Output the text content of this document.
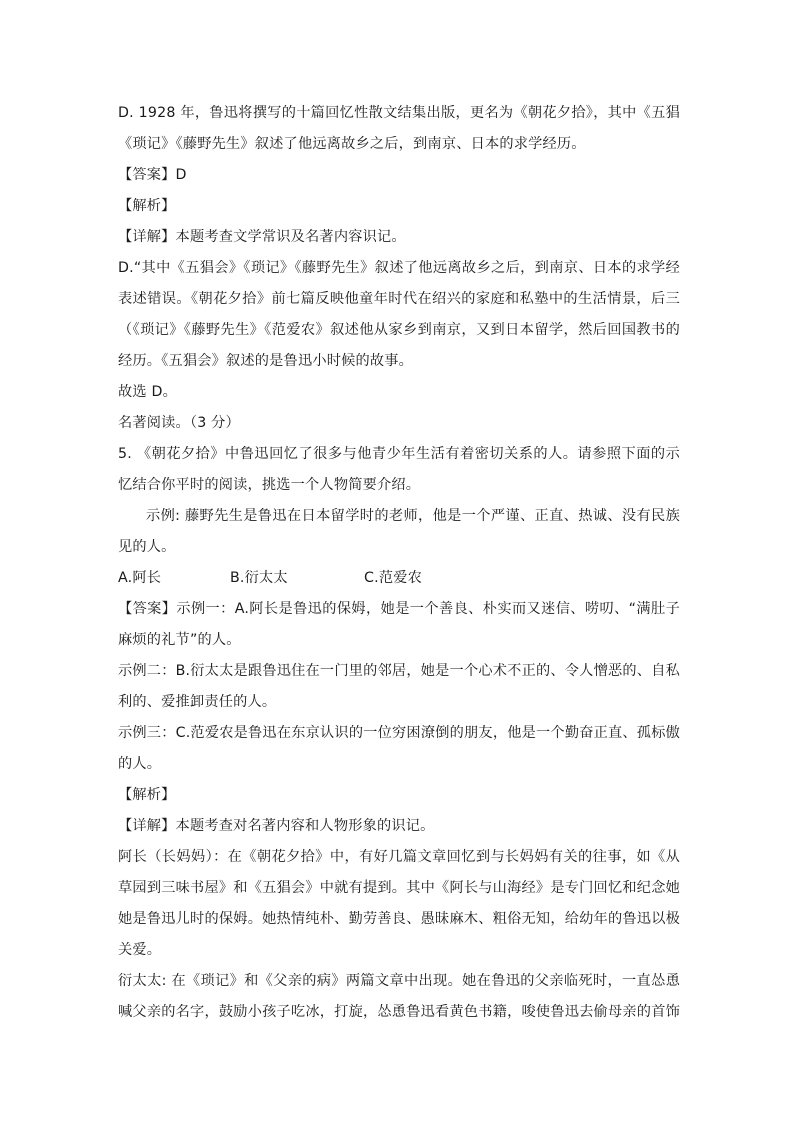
D. 1928 年，鲁迅将撰写的十篇回忆性散文结集出版，更名为《朝花夕拾》，其中《五猖
《琐记》《藤野先生》叙述了他远离故乡之后，到南京、日本的求学经历。
【答案】D
【解析】
【详解】本题考查文学常识及名著内容识记。
D.“其中《五猖会》《琐记》《藤野先生》叙述了他远离故乡之后，到南京、日本的求学经
表述错误。《朝花夕拾》前七篇反映他童年时代在绍兴的家庭和私塾中的生活情景，后三
（《琐记》《藤野先生》《范爱农》叙述他从家乡到南京，又到日本留学，然后回国教书的
经历。《五猖会》叙述的是鲁迅小时候的故事。
故选 D。
名著阅读。（3 分）
5. 《朝花夕拾》中鲁迅回忆了很多与他青少年生活有着密切关系的人。请参照下面的示
忆结合你平时的阅读，挑选一个人物简要介绍。
示例: 藤野先生是鲁迅在日本留学时的老师，他是一个严谨、正直、热诚、没有民族
见的人。
A.阿长	B.衍太太	C.范爱农
【答案】示例一：A.阿长是鲁迅的保姆，她是一个善良、朴实而又迷信、唠叨、“满肚子
麻烦的礼节”的人。
示例二：B.衍太太是跟鲁迅住在一门里的邻居，她是一个心术不正的、令人憎恶的、自私
利的、爱推卸责任的人。
示例三：C.范爱农是鲁迅在东京认识的一位穷困潦倒的朋友，他是一个勤奋正直、孤标傲
的人。
【解析】
【详解】本题考查对名著内容和人物形象的识记。
阿长（长妈妈）：在《朝花夕拾》中，有好几篇文章回忆到与长妈妈有关的往事，如《从
草园到三味书屋》和《五猖会》中就有提到。其中《阿长与山海经》是专门回忆和纪念她
她是鲁迅儿时的保姆。她热情纯朴、勤劳善良、愚昧麻木、粗俗无知，给幼年的鲁迅以极
关爱。
衍太太: 在《琐记》和《父亲的病》两篇文章中出现。她在鲁迅的父亲临死时，一直怂恿
喊父亲的名字，鼓励小孩子吃冰，打旋，怂恿鲁迅看黄色书籍，唆使鲁迅去偷母亲的首饰
